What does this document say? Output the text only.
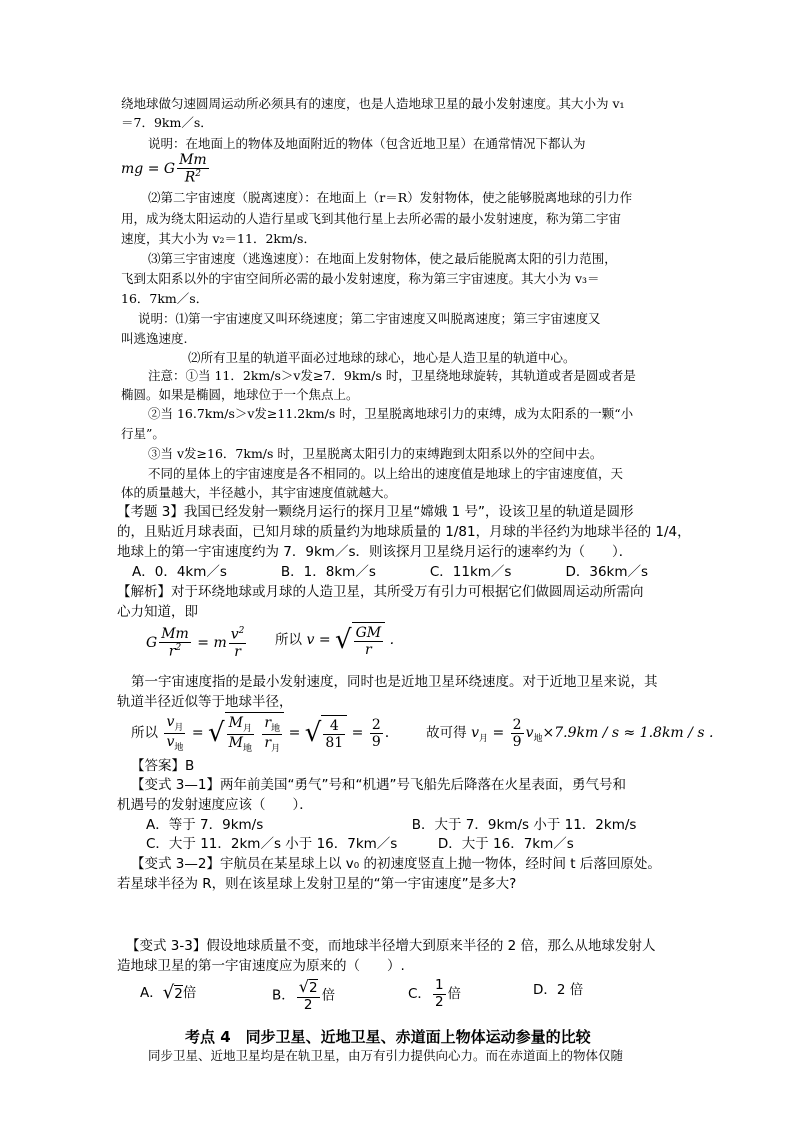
绕地球做匀速圆周运动所必须具有的速度，也是人造地球卫星的最小发射速度。其大小为 v₁
＝7．9km／s．
说明：在地面上的物体及地面附近的物体（包含近地卫星）在通常情况下都认为
⑵第二宇宙速度（脱离速度）：在地面上（r＝R）发射物体，使之能够脱离地球的引力作
用，成为绕太阳运动的人造行星或飞到其他行星上去所必需的最小发射速度，称为第二宇宙
速度，其大小为 v₂＝11．2km/s．
⑶第三宇宙速度（逃逸速度）：在地面上发射物体，使之最后能脱离太阳的引力范围，
飞到太阳系以外的宇宙空间所必需的最小发射速度，称为第三宇宙速度。其大小为 v₃＝
16．7km／s．
说明：⑴第一宇宙速度又叫环绕速度；第二宇宙速度又叫脱离速度；第三宇宙速度又
叫逃逸速度.
⑵所有卫星的轨道平面必过地球的球心，地心是人造卫星的轨道中心。
注意：①当 11．2km/s＞v发≥7．9km/s 时，卫星绕地球旋转，其轨道或者是圆或者是
椭圆。如果是椭圆，地球位于一个焦点上。
②当 16.7km/s＞v发≥11.2km/s 时，卫星脱离地球引力的束缚，成为太阳系的一颗“小
行星”。
③当 v发≥16．7km/s 时，卫星脱离太阳引力的束缚跑到太阳系以外的空间中去。
不同的星体上的宇宙速度是各不相同的。以上给出的速度值是地球上的宇宙速度值，天
体的质量越大，半径越小，其宇宙速度值就越大。
【考题 3】我国已经发射一颗绕月运行的探月卫星“嫦娥 1 号”，设该卫星的轨道是圆形
的，且贴近月球表面，已知月球的质量约为地球质量的 1/81，月球的半径约为地球半径的 1/4，
地球上的第一宇宙速度约为 7．9km／s．则该探月卫星绕月运行的速率约为（　　）．
A．0．4km／s　　　　B．1．8km／s　　　　C．11km／s　　　　D．36km／s
【解析】对于环绕地球或月球的人造卫星，其所受万有引力可根据它们做圆周运动所需向
心力知道，即
第一宇宙速度指的是最小发射速度，同时也是近地卫星环绕速度。对于近地卫星来说，其
轨道半径近似等于地球半径，
【答案】B
【变式 3—1】两年前美国“勇气”号和“机遇”号飞船先后降落在火星表面，勇气号和
机遇号的发射速度应该（　　）．
A．等于 7．9km/s　　　　　　　　　　　B．大于 7．9km/s 小于 11．2km/s
C．大于 11．2km／s 小于 16．7km／s　　　D．大于 16．7km／s
【变式 3—2】宇航员在某星球上以 v₀ 的初速度竖直上抛一物体，经时间 t 后落回原处。
若星球半径为 R，则在该星球上发射卫星的“第一宇宙速度”是多大?
【变式 3-3】假设地球质量不变，而地球半径增大到原来半径的 2 倍，那么从地球发射人
造地球卫星的第一宇宙速度应为原来的（　　）.
同步卫星、近地卫星均是在轨卫星，由万有引力提供向心力。而在赤道面上的物体仅随
mg = G $\frac{Mm}{R^2}$
G $\frac{Mm}{r^2} = m \frac{v^2}{r}$ 所以 v = √ $\frac{GM}{r}$ .
所以
$v_月$
$v_地$
= √ $M_月$
$M_地$

$r_地$
$r_月$
= √ $\frac{4}{81} = \frac{2}{9}$ .	故可得 $v_月 = \frac{2}{9} v_地\times 7.9km / s \approx 1.8km / s$ .
A．√2倍	B． $\frac{√2}{2}$ 倍	C． $\frac{1}{2}$ 倍	D．2 倍
考点 4　同步卫星、近地卫星、赤道面上物体运动参量的比较
